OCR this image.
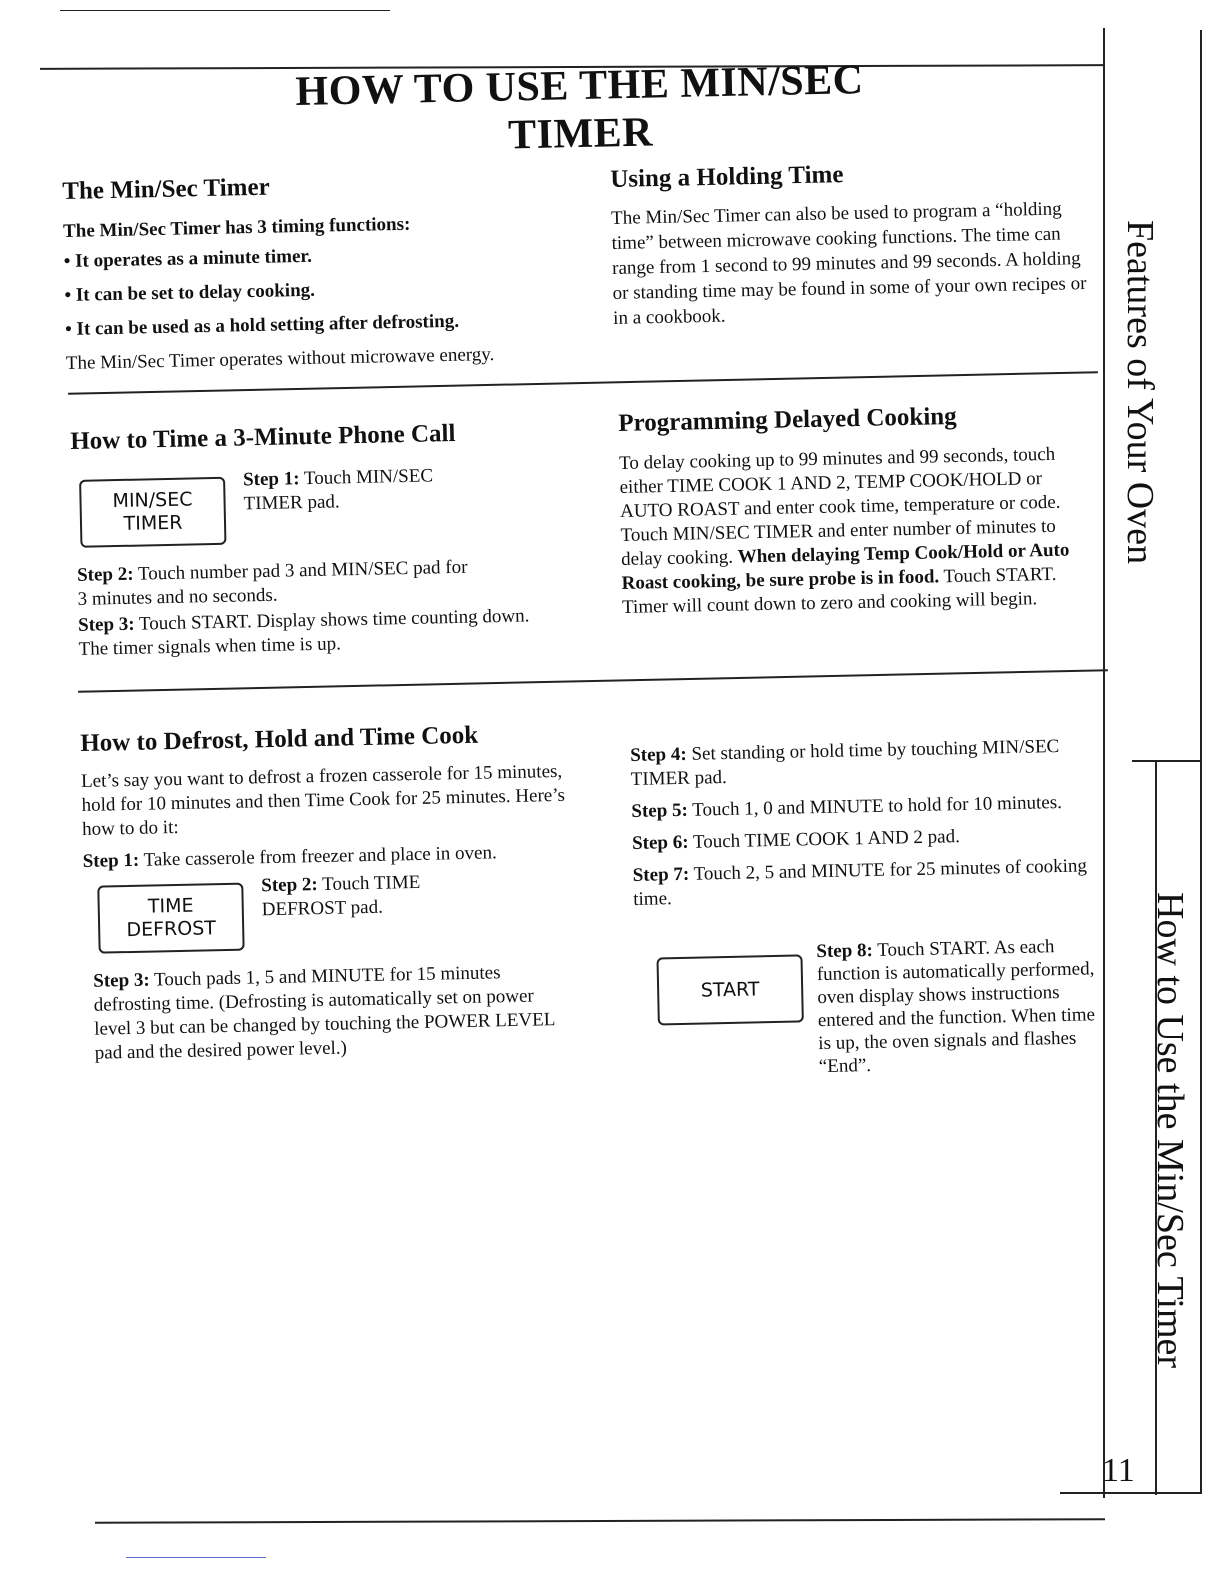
HOW TO USE THE MIN/SEC TIMER
Features of Your Oven
How to Use the Min/Sec Timer
11
The Min/Sec Timer

The Min/Sec Timer has 3 timing functions:

• It operates as a minute timer.
• It can be set to delay cooking.
• It can be used as a hold setting after defrosting.

The Min/Sec Timer operates without microwave energy.

Using a Holding Time

The Min/Sec Timer can also be used to program a “holding time” between microwave cooking functions. The time can range from 1 second to 99 minutes and 99 seconds. A holding or standing time may be found in some of your own recipes or in a cookbook.

How to Time a 3-Minute Phone Call
MIN/SEC
TIMER

Step 1: Touch MIN/SEC TIMER pad.

Step 2: Touch number pad 3 and MIN/SEC pad for 3 minutes and no seconds.

Step 3: Touch START. Display shows time counting down. The timer signals when time is up.

Programming Delayed Cooking

To delay cooking up to 99 minutes and 99 seconds, touch either TIME COOK 1 AND 2, TEMP COOK/HOLD or AUTO ROAST and enter cook time, temperature or code. Touch MIN/SEC TIMER and enter number of minutes to delay cooking. When delaying Temp Cook/Hold or Auto Roast cooking, be sure probe is in food. Touch START. Timer will count down to zero and cooking will begin.

How to Defrost, Hold and Time Cook

Let’s say you want to defrost a frozen casserole for 15 minutes, hold for 10 minutes and then Time Cook for 25 minutes. Here’s how to do it:

Step 1: Take casserole from freezer and place in oven.

TIME
DEFROST

Step 2: Touch TIME DEFROST pad.

Step 3: Touch pads 1, 5 and MINUTE for 15 minutes defrosting time. (Defrosting is automatically set on power level 3 but can be changed by touching the POWER LEVEL pad and the desired power level.)

Step 4: Set standing or hold time by touching MIN/SEC TIMER pad.

Step 5: Touch 1, 0 and MINUTE to hold for 10 minutes.

Step 6: Touch TIME COOK 1 AND 2 pad.

Step 7: Touch 2, 5 and MINUTE for 25 minutes of cooking time.

START

Step 8: Touch START. As each function is automatically performed, oven display shows instructions entered and the function. When time is up, the oven signals and flashes “End”.
